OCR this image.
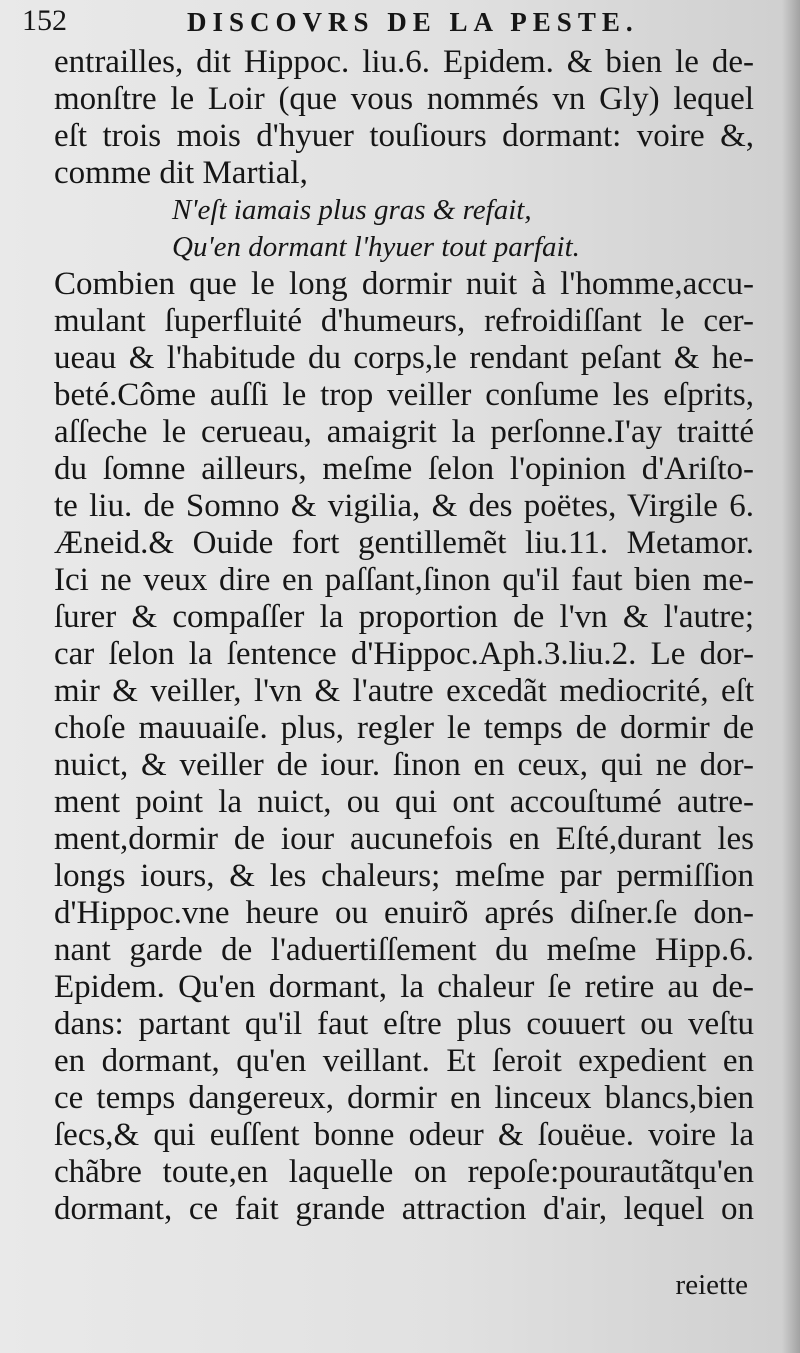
152	DISCOVRS DE LA PESTE.
entrailles, dit Hippoc. liu.6. Epidem. & bien le de-
monſtre le Loir (que vous nommés vn Gly) lequel
eſt trois mois d'hyuer touſiours dormant: voire &,
comme dit Martial,
N'eſt iamais plus gras & refait,
Qu'en dormant l'hyuer tout parfait.
Combien que le long dormir nuit à l'homme,accu-
mulant ſuperfluité d'humeurs, refroidiſſant le cer-
ueau & l'habitude du corps,le rendant peſant & he-
beté.Côme auſſi le trop veiller conſume les eſprits,
aſſeche le cerueau, amaigrit la perſonne.I'ay traitté
du ſomne ailleurs, meſme ſelon l'opinion d'Ariſto-
te liu. de Somno & vigilia, & des poëtes, Virgile 6.
Æneid.& Ouide fort gentillemẽt liu.11. Metamor.
Ici ne veux dire en paſſant,ſinon qu'il faut bien me-
ſurer & compaſſer la proportion de l'vn & l'autre;
car ſelon la ſentence d'Hippoc.Aph.3.liu.2. Le dor-
mir & veiller, l'vn & l'autre excedãt mediocrité, eſt
choſe mauuaiſe. plus, regler le temps de dormir de
nuict, & veiller de iour. ſinon en ceux, qui ne dor-
ment point la nuict, ou qui ont accouſtumé autre-
ment,dormir de iour aucunefois en Eſté,durant les
longs iours, & les chaleurs; meſme par permiſſion
d'Hippoc.vne heure ou enuirõ aprés diſner.ſe don-
nant garde de l'aduertiſſement du meſme Hipp.6.
Epidem. Qu'en dormant, la chaleur ſe retire au de-
dans: partant qu'il faut eſtre plus couuert ou veſtu
en dormant, qu'en veillant. Et ſeroit expedient en
ce temps dangereux, dormir en linceux blancs,bien
ſecs,& qui euſſent bonne odeur & ſouëue. voire la
chãbre toute,en laquelle on repoſe:pourautãtqu'en
dormant, ce fait grande attraction d'air, lequel on
reiette
